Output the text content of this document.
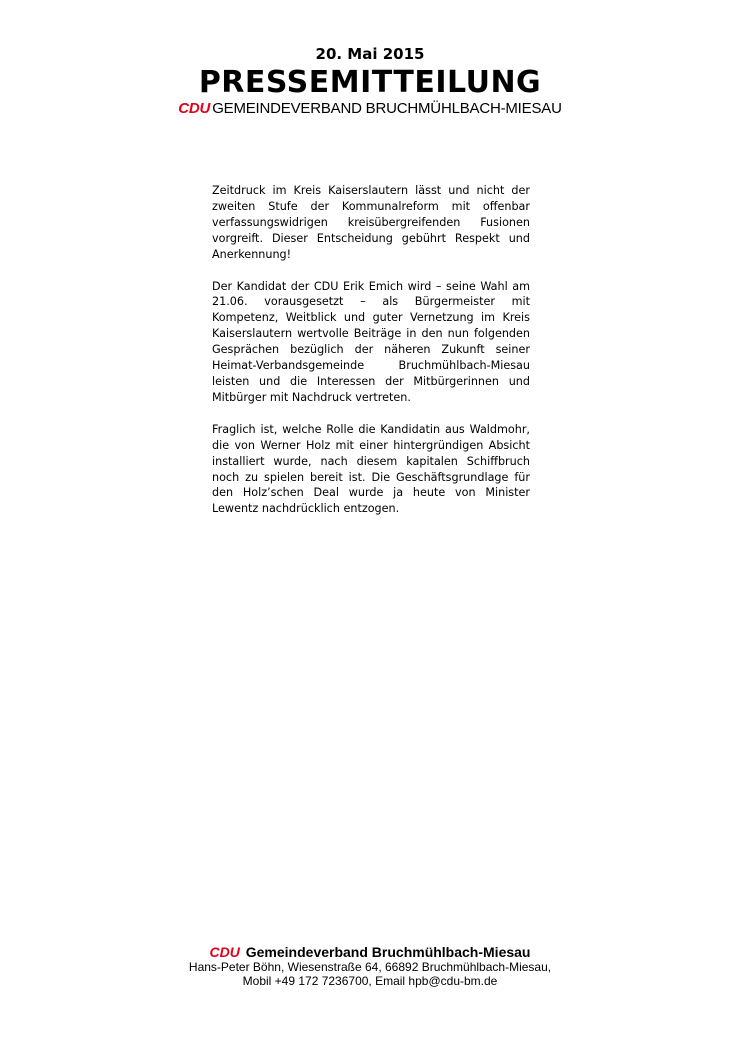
20. Mai 2015
PRESSEMITTEILUNG
CDU GEMEINDEVERBAND BRUCHMÜHLBACH-MIESAU

Zeitdruck im Kreis Kaiserslautern lässt und nicht der zweiten Stufe der Kommunalreform mit offenbar verfassungswidrigen kreisübergreifenden Fusionen vorgreift. Dieser Entscheidung gebührt Respekt und Anerkennung!

Der Kandidat der CDU Erik Emich wird – seine Wahl am 21.06. vorausgesetzt – als Bürgermeister mit Kompetenz, Weitblick und guter Vernetzung im Kreis Kaiserslautern wertvolle Beiträge in den nun folgenden Gesprächen bezüglich der näheren Zukunft seiner Heimat-Verbandsgemeinde Bruchmühlbach-Miesau leisten und die Interessen der Mitbürgerinnen und Mitbürger mit Nachdruck vertreten.

Fraglich ist, welche Rolle die Kandidatin aus Waldmohr, die von Werner Holz mit einer hintergründigen Absicht installiert wurde, nach diesem kapitalen Schiffbruch noch zu spielen bereit ist. Die Geschäftsgrundlage für den Holz’schen Deal wurde ja heute von Minister Lewentz nachdrücklich entzogen.

CDU Gemeindeverband Bruchmühlbach-Miesau
Hans-Peter Böhn, Wiesenstraße 64, 66892 Bruchmühlbach-Miesau,
Mobil +49 172 7236700, Email hpb@cdu-bm.de
